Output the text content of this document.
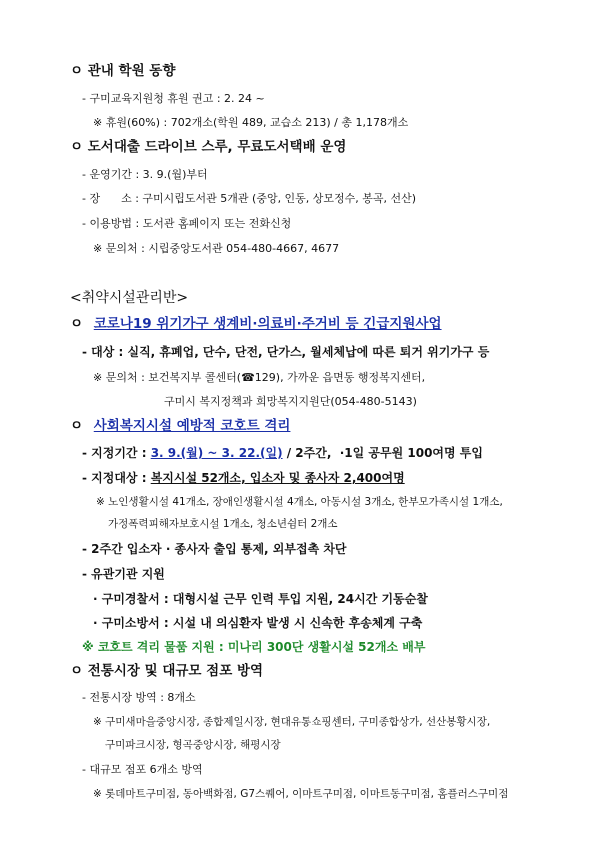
ㅇ 관내 학원 동향
- 구미교육지원청 휴원 권고 : 2. 24 ~
※ 휴원(60%) : 702개소(학원 489, 교습소 213) / 총 1,178개소
ㅇ 도서대출 드라이브 스루, 무료도서택배 운영
- 운영기간 : 3. 9.(월)부터
- 장      소 : 구미시립도서관 5개관 (중앙, 인동, 상모정수, 봉곡, 선산)
- 이용방법 : 도서관 홈페이지 또는 전화신청
※ 문의처 : 시립중앙도서관 054-480-4667, 4677
<취약시설관리반>
ㅇ 코로나19 위기가구 생계비·의료비·주거비 등 긴급지원사업
- 대상 : 실직, 휴폐업, 단수, 단전, 단가스, 월세체납에 따른 퇴거 위기가구 등
※ 문의처 : 보건복지부 콜센터(☎129), 가까운 읍면동 행정복지센터,
구미시 복지정책과 희망복지지원단(054-480-5143)
ㅇ 사회복지시설 예방적 코호트 격리
- 지정기간 : 3. 9.(월) ~ 3. 22.(일) / 2주간,  ·1일 공무원 100여명 투입
- 지정대상 : 복지시설 52개소, 입소자 및 종사자 2,400여명
※ 노인생활시설 41개소, 장애인생활시설 4개소, 아동시설 3개소, 한부모가족시설 1개소,
가정폭력피해자보호시설 1개소, 청소년쉼터 2개소
- 2주간 입소자 · 종사자 출입 통제, 외부접촉 차단
- 유관기관 지원
· 구미경찰서 : 대형시설 근무 인력 투입 지원, 24시간 기동순찰
· 구미소방서 : 시설 내 의심환자 발생 시 신속한 후송체계 구축
※ 코호트 격리 물품 지원 : 미나리 300단 생활시설 52개소 배부
ㅇ 전통시장 및 대규모 점포 방역
- 전통시장 방역 : 8개소
※ 구미새마을중앙시장, 종합제일시장, 현대유통쇼핑센터, 구미종합상가, 선산봉황시장,
구미파크시장, 형곡중앙시장, 해평시장
- 대규모 점포 6개소 방역
※ 롯데마트구미점, 동아백화점, G7스퀘어, 이마트구미점, 이마트동구미점, 홈플러스구미점
